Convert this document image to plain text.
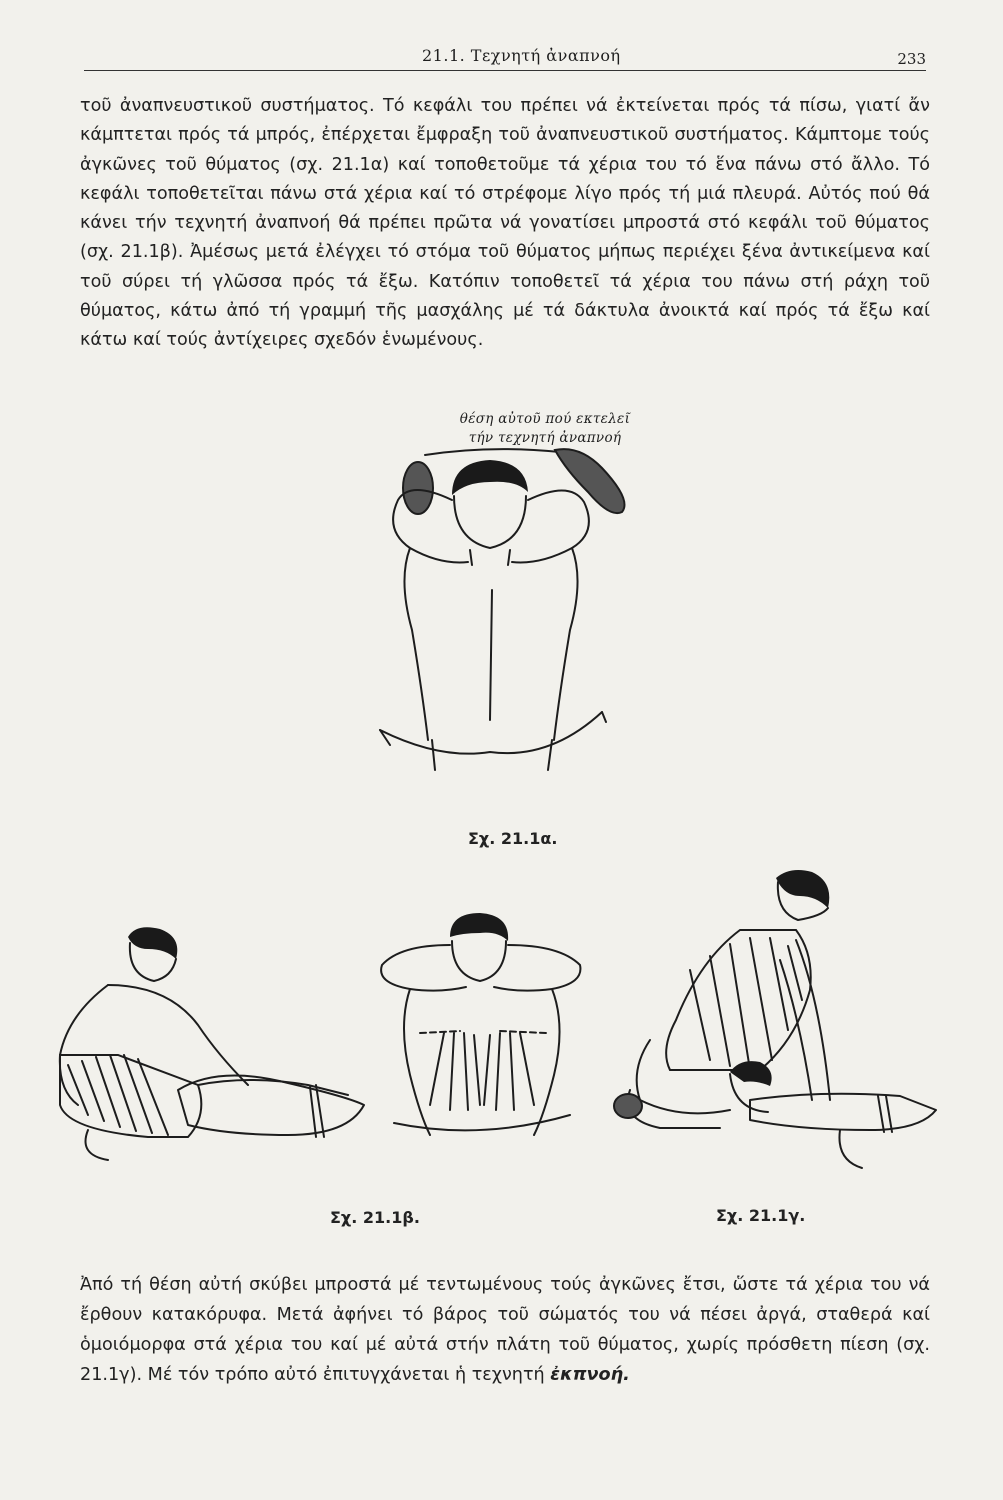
21.1. Τεχνητή ἀναπνοή	233
τοῦ ἀναπνευστικοῦ συστήματος. Τό κεφάλι του πρέπει νά ἐκτείνεται πρός τά πίσω, γιατί ἄν κάμπτεται πρός τά μπρός, ἐπέρχεται ἔμφραξη τοῦ ἀναπνευστικοῦ συστήματος. Κάμπτομε τούς ἀγκῶνες τοῦ θύματος (σχ. 21.1α) καί τοποθετοῦμε τά χέρια του τό ἕνα πάνω στό ἄλλο. Τό κεφάλι τοποθετεῖται πάνω στά χέρια καί τό στρέφομε λίγο πρός τή μιά πλευρά. Αὐτός πού θά κάνει τήν τεχνητή ἀναπνοή θά πρέπει πρῶτα νά γονατίσει μπροστά στό κεφάλι τοῦ θύματος (σχ. 21.1β). Ἀμέσως μετά ἐλέγχει τό στόμα τοῦ θύματος μήπως περιέχει ξένα ἀντικείμενα καί τοῦ σύρει τή γλῶσσα πρός τά ἔξω. Κατόπιν τοποθετεῖ τά χέρια του πάνω στή ράχη τοῦ θύματος, κάτω ἀπό τή γραμμή τῆς μασχάλης μέ τά δάκτυλα ἀνοικτά καί πρός τά ἔξω καί κάτω καί τούς ἀντίχειρες σχεδόν ἑνωμένους.
θέση αὐτοῦ πού εκτελεῖ
τήν τεχνητή ἀναπνοή
Σχ. 21.1α.
Σχ. 21.1β.	Σχ. 21.1γ.
Ἀπό τή θέση αὐτή σκύβει μπροστά μέ τεντωμένους τούς ἀγκῶνες ἔτσι, ὥστε τά χέρια του νά ἔρθουν κατακόρυφα. Μετά ἀφήνει τό βάρος τοῦ σώματός του νά πέσει ἀργά, σταθερά καί ὁμοιόμορφα στά χέρια του καί μέ αὐτά στήν πλάτη τοῦ θύματος, χωρίς πρόσθετη πίεση (σχ. 21.1γ). Μέ τόν τρόπο αὐτό ἐπιτυγχάνεται ἡ τεχνητή ἐκπνοή.
